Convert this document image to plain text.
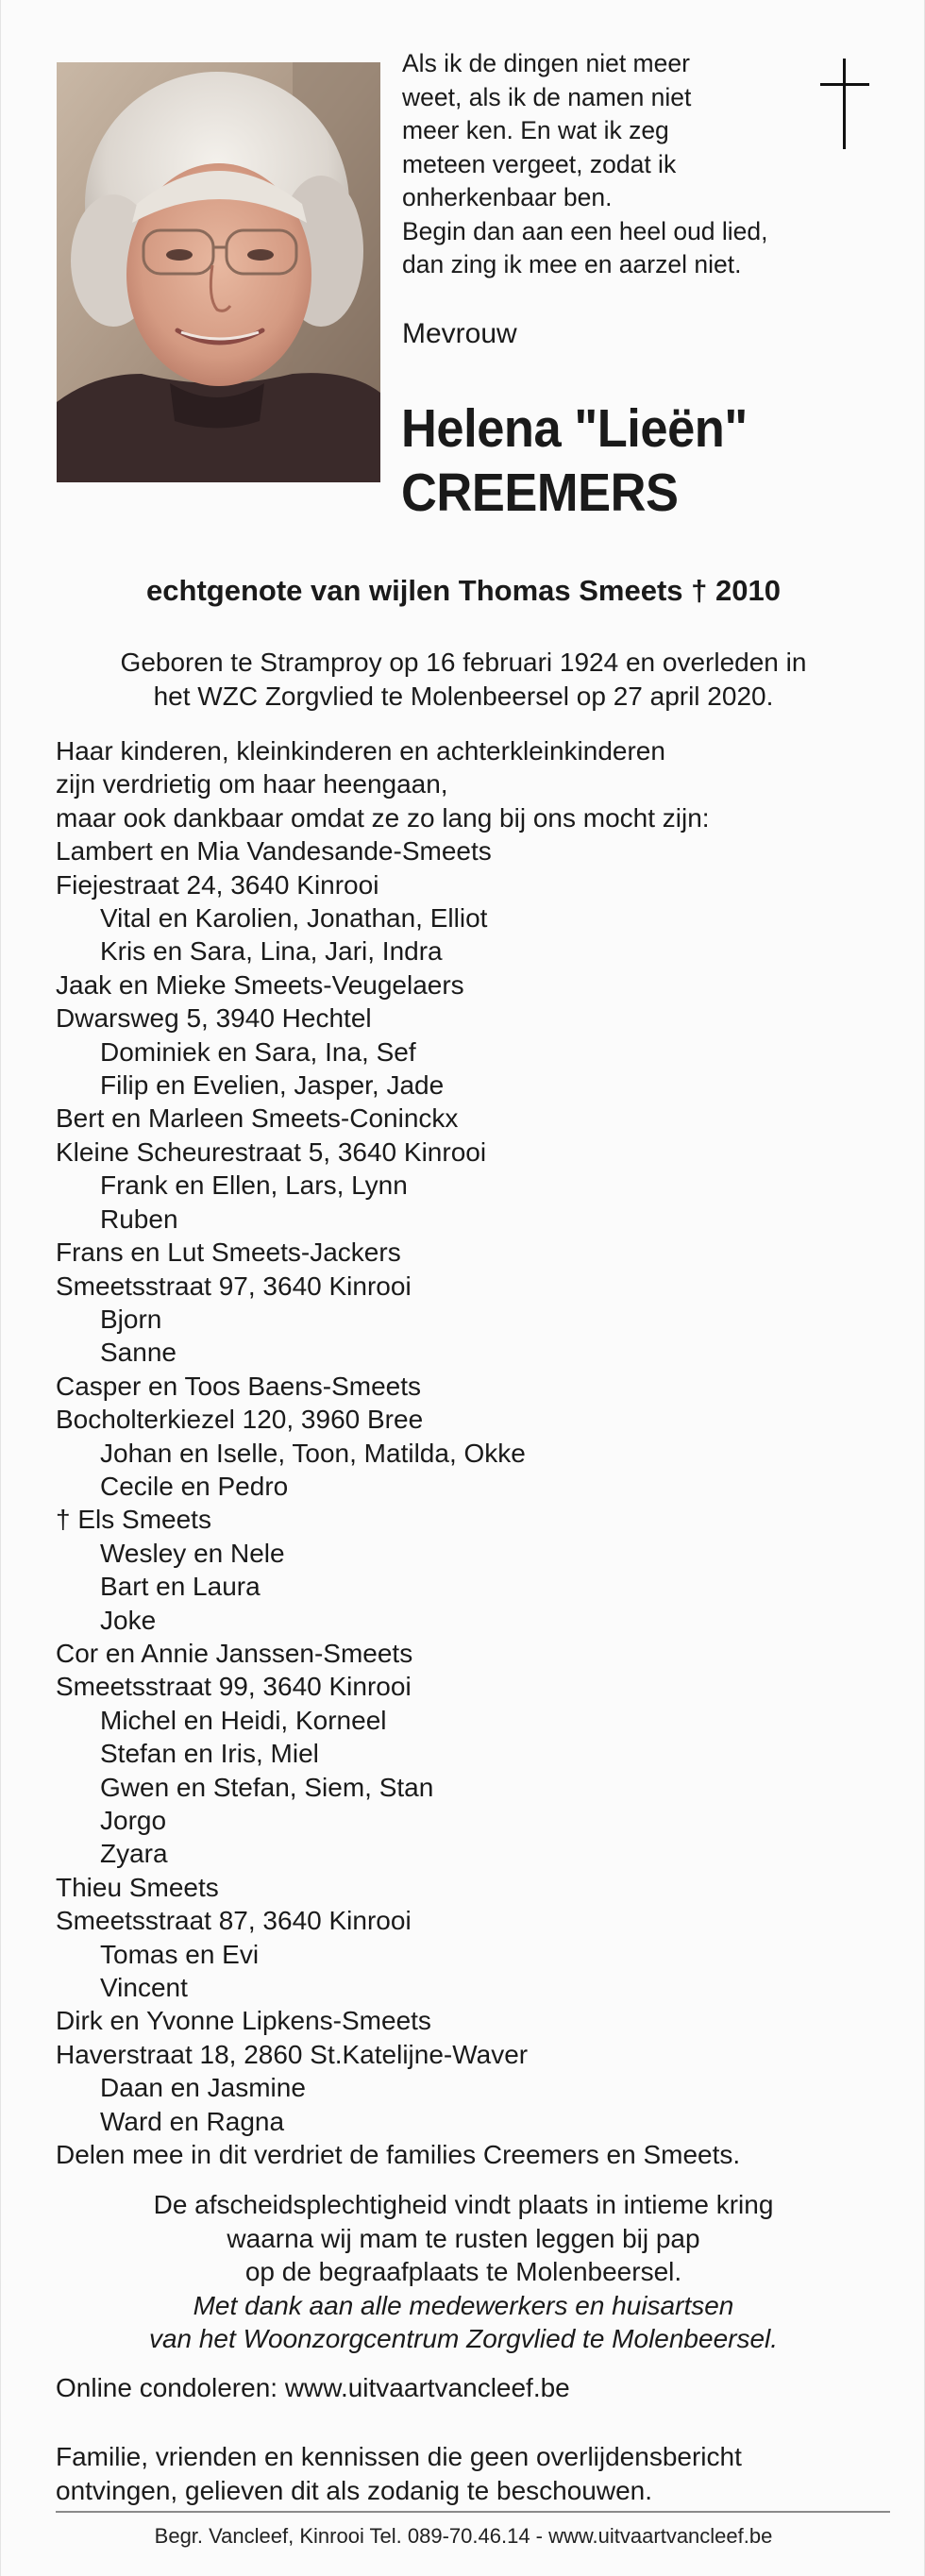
Als ik de dingen niet meer
weet, als ik de namen niet
meer ken. En wat ik zeg
meteen vergeet, zodat ik
onherkenbaar ben.
Begin dan aan een heel oud lied,
dan zing ik mee en aarzel niet.

Mevrouw

Helena "Lieën"
CREEMERS

echtgenote van wijlen Thomas Smeets † 2010

Geboren te Stramproy op 16 februari 1924 en overleden in
het WZC Zorgvlied te Molenbeersel op 27 april 2020.

Haar kinderen, kleinkinderen en achterkleinkinderen
zijn verdrietig om haar heengaan,
maar ook dankbaar omdat ze zo lang bij ons mocht zijn:
Lambert en Mia Vandesande-Smeets
Fiejestraat 24, 3640 Kinrooi
Vital en Karolien, Jonathan, Elliot
Kris en Sara, Lina, Jari, Indra
Jaak en Mieke Smeets-Veugelaers
Dwarsweg 5, 3940 Hechtel
Dominiek en Sara, Ina, Sef
Filip en Evelien, Jasper, Jade
Bert en Marleen Smeets-Coninckx
Kleine Scheurestraat 5, 3640 Kinrooi
Frank en Ellen, Lars, Lynn
Ruben
Frans en Lut Smeets-Jackers
Smeetsstraat 97, 3640 Kinrooi
Bjorn
Sanne
Casper en Toos Baens-Smeets
Bocholterkiezel 120, 3960 Bree
Johan en Iselle, Toon, Matilda, Okke
Cecile en Pedro
† Els Smeets
Wesley en Nele
Bart en Laura
Joke
Cor en Annie Janssen-Smeets
Smeetsstraat 99, 3640 Kinrooi
Michel en Heidi, Korneel
Stefan en Iris, Miel
Gwen en Stefan, Siem, Stan
Jorgo
Zyara
Thieu Smeets
Smeetsstraat 87, 3640 Kinrooi
Tomas en Evi
Vincent
Dirk en Yvonne Lipkens-Smeets
Haverstraat 18, 2860 St.Katelijne-Waver
Daan en Jasmine
Ward en Ragna
Delen mee in dit verdriet de families Creemers en Smeets.

De afscheidsplechtigheid vindt plaats in intieme kring
waarna wij mam te rusten leggen bij pap
op de begraafplaats te Molenbeersel.
Met dank aan alle medewerkers en huisartsen
van het Woonzorgcentrum Zorgvlied te Molenbeersel.

Online condoleren: www.uitvaartvancleef.be

Familie, vrienden en kennissen die geen overlijdensbericht
ontvingen, gelieven dit als zodanig te beschouwen.

Begr. Vancleef, Kinrooi Tel. 089-70.46.14 - www.uitvaartvancleef.be
